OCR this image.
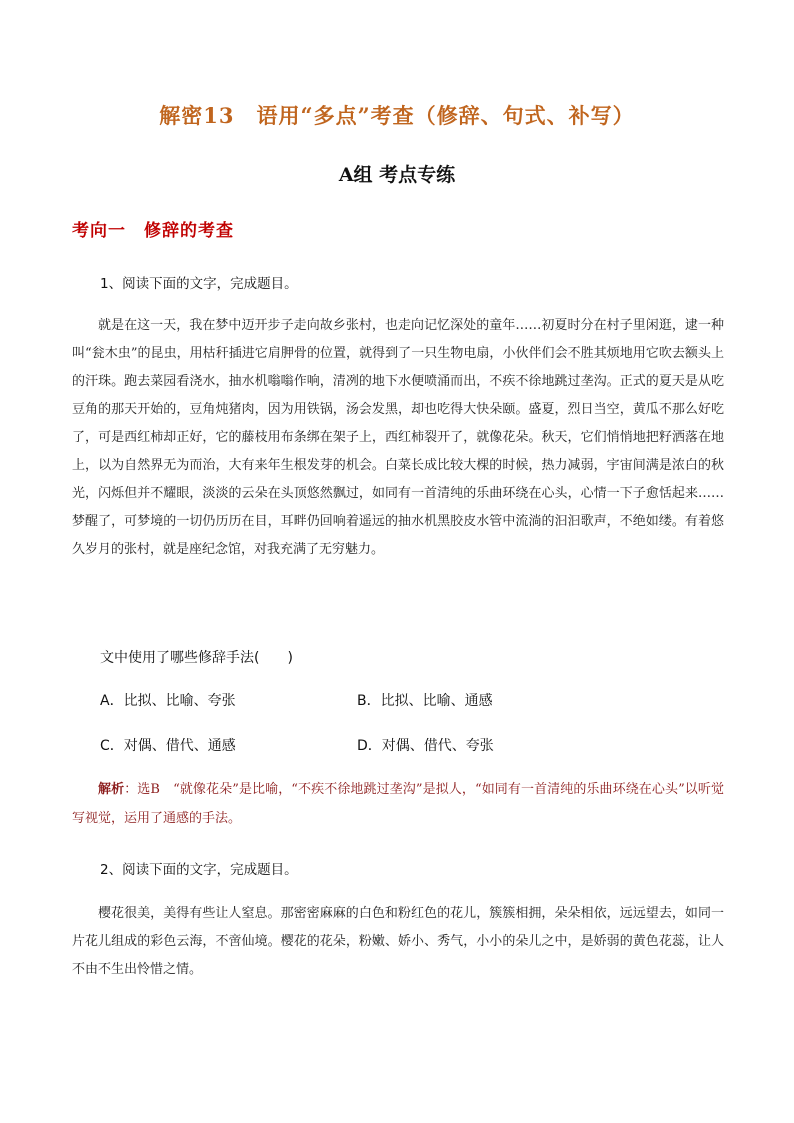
解密13　语用“多点”考查（修辞、句式、补写）
A组 考点专练
考向一　修辞的考查
1、阅读下面的文字，完成题目。
就是在这一天，我在梦中迈开步子走向故乡张村，也走向记忆深处的童年……初夏时分在村子里闲逛，逮一种叫“瓮木虫”的昆虫，用枯秆插进它肩胛骨的位置，就得到了一只生物电扇，小伙伴们会不胜其烦地用它吹去额头上的汗珠。跑去菜园看浇水，抽水机嗡嗡作响，清冽的地下水便喷涌而出，不疾不徐地跳过垄沟。正式的夏天是从吃豆角的那天开始的，豆角炖猪肉，因为用铁锅，汤会发黑，却也吃得大快朵颐。盛夏，烈日当空，黄瓜不那么好吃了，可是西红柿却正好，它的藤枝用布条绑在架子上，西红柿裂开了，就像花朵。秋天，它们悄悄地把籽洒落在地上，以为自然界无为而治，大有来年生根发芽的机会。白菜长成比较大棵的时候，热力减弱，宇宙间满是浓白的秋光，闪烁但并不耀眼，淡淡的云朵在头顶悠然飘过，如同有一首清纯的乐曲环绕在心头，心情一下子愈恬起来……梦醒了，可梦境的一切仍历历在目，耳畔仍回响着遥远的抽水机黑胶皮水管中流淌的汩汩歌声，不绝如缕。有着悠久岁月的张村，就是座纪念馆，对我充满了无穷魅力。
文中使用了哪些修辞手法(　　)
A．比拟、比喻、夸张	B．比拟、比喻、通感
C．对偶、借代、通感	D．对偶、借代、夸张
解析：选B　“就像花朵”是比喻，“不疾不徐地跳过垄沟”是拟人，“如同有一首清纯的乐曲环绕在心头”以听觉写视觉，运用了通感的手法。
2、阅读下面的文字，完成题目。
樱花很美，美得有些让人窒息。那密密麻麻的白色和粉红色的花儿，簇簇相拥，朵朵相依，远远望去，如同一片花儿组成的彩色云海，不啻仙境。樱花的花朵，粉嫩、娇小、秀气，小小的朵儿之中，是娇弱的黄色花蕊，让人不由不生出怜惜之情。
